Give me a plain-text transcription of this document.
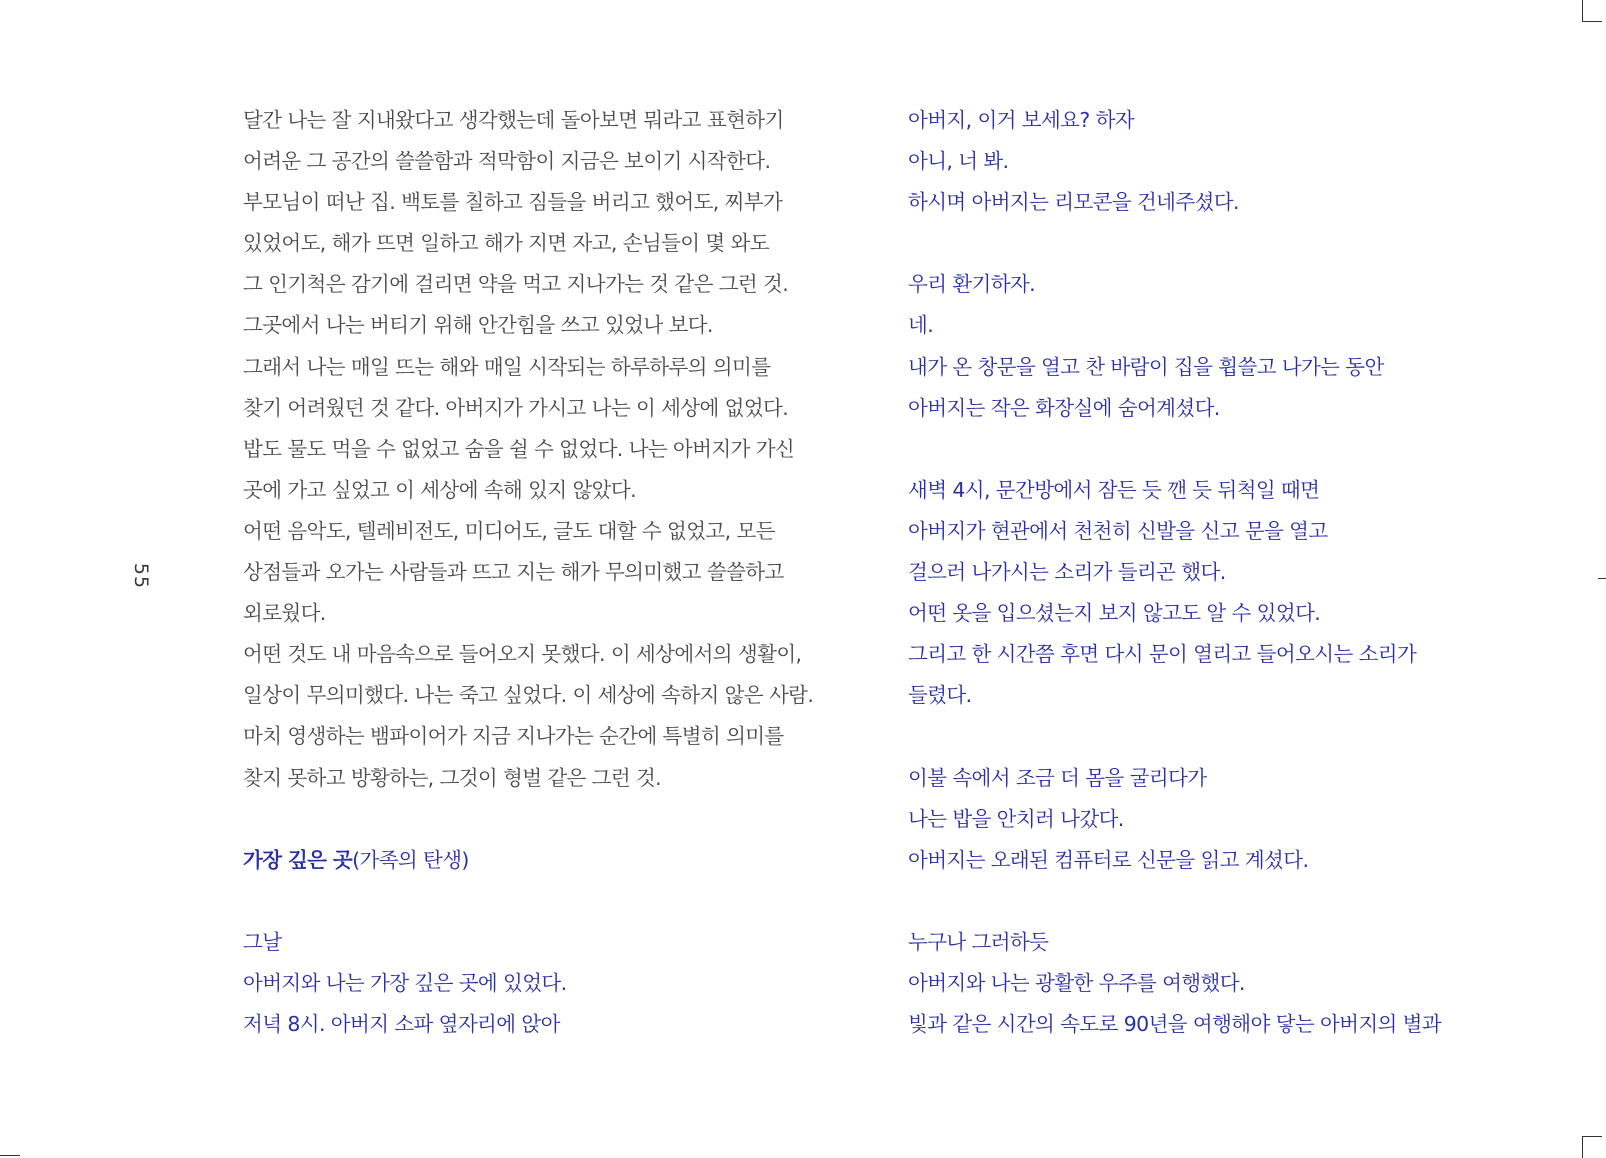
55
달간 나는 잘 지내왔다고 생각했는데 돌아보면 뭐라고 표현하기
어려운 그 공간의 쓸쓸함과 적막함이 지금은 보이기 시작한다.
부모님이 떠난 집. 백토를 칠하고 짐들을 버리고 했어도, 찌부가
있었어도, 해가 뜨면 일하고 해가 지면 자고, 손님들이 몇 와도
그 인기척은 감기에 걸리면 약을 먹고 지나가는 것 같은 그런 것.
그곳에서 나는 버티기 위해 안간힘을 쓰고 있었나 보다.
그래서 나는 매일 뜨는 해와 매일 시작되는 하루하루의 의미를
찾기 어려웠던 것 같다. 아버지가 가시고 나는 이 세상에 없었다.
밥도 물도 먹을 수 없었고 숨을 쉴 수 없었다. 나는 아버지가 가신
곳에 가고 싶었고 이 세상에 속해 있지 않았다.
어떤 음악도, 텔레비전도, 미디어도, 글도 대할 수 없었고, 모든
상점들과 오가는 사람들과 뜨고 지는 해가 무의미했고 쓸쓸하고
외로웠다.
어떤 것도 내 마음속으로 들어오지 못했다. 이 세상에서의 생활이,
일상이 무의미했다. 나는 죽고 싶었다. 이 세상에 속하지 않은 사람.
마치 영생하는 뱀파이어가 지금 지나가는 순간에 특별히 의미를
찾지 못하고 방황하는, 그것이 형벌 같은 그런 것.
가장 깊은 곳(가족의 탄생)
그날
아버지와 나는 가장 깊은 곳에 있었다.
저녁 8시. 아버지 소파 옆자리에 앉아
아버지, 이거 보세요? 하자
아니, 너 봐.
하시며 아버지는 리모콘을 건네주셨다.
우리 환기하자.
네.
내가 온 창문을 열고 찬 바람이 집을 휩쓸고 나가는 동안
아버지는 작은 화장실에 숨어계셨다.
새벽 4시, 문간방에서 잠든 듯 깬 듯 뒤척일 때면
아버지가 현관에서 천천히 신발을 신고 문을 열고
걸으러 나가시는 소리가 들리곤 했다.
어떤 옷을 입으셨는지 보지 않고도 알 수 있었다.
그리고 한 시간쯤 후면 다시 문이 열리고 들어오시는 소리가
들렸다.
이불 속에서 조금 더 몸을 굴리다가
나는 밥을 안치러 나갔다.
아버지는 오래된 컴퓨터로 신문을 읽고 계셨다.
누구나 그러하듯
아버지와 나는 광활한 우주를 여행했다.
빛과 같은 시간의 속도로 90년을 여행해야 닿는 아버지의 별과
